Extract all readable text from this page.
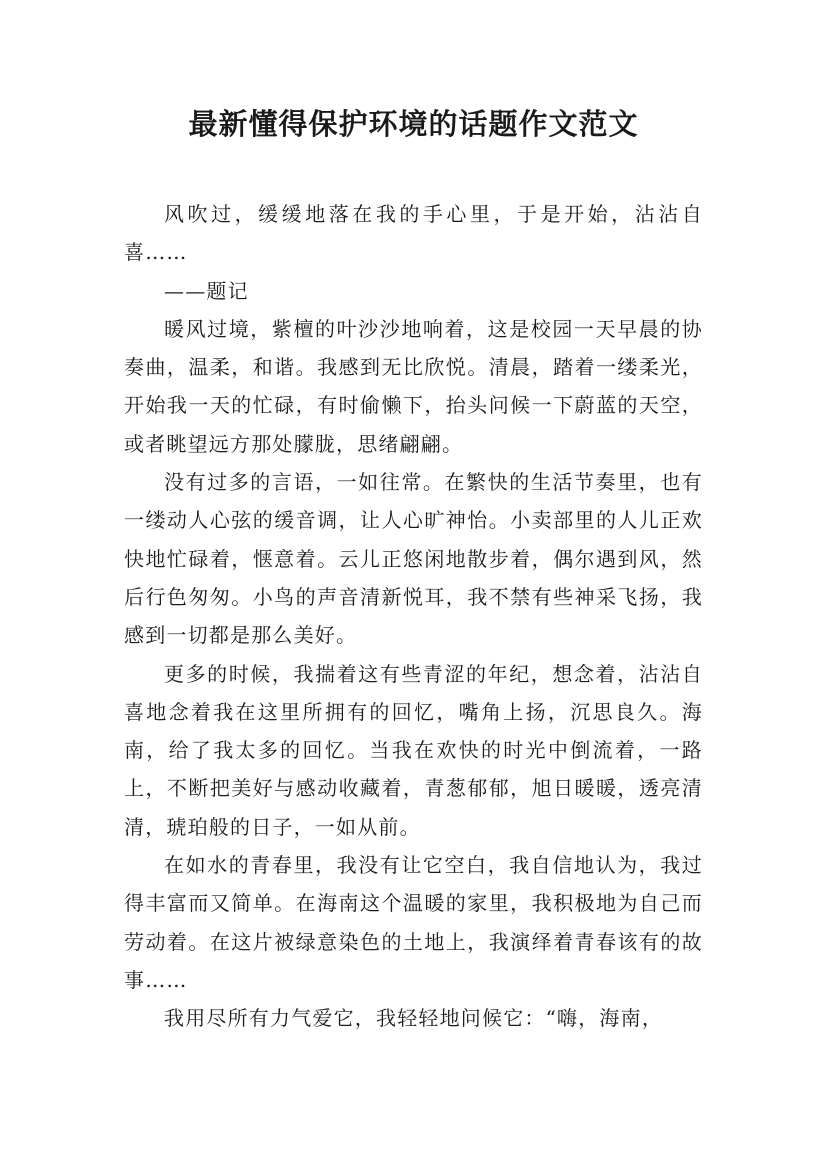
最新懂得保护环境的话题作文范文

风吹过，缓缓地落在我的手心里，于是开始，沾沾自喜……

——题记

暖风过境，紫檀的叶沙沙地响着，这是校园一天早晨的协奏曲，温柔，和谐。我感到无比欣悦。清晨，踏着一缕柔光，开始我一天的忙碌，有时偷懒下，抬头问候一下蔚蓝的天空，或者眺望远方那处朦胧，思绪翩翩。

没有过多的言语，一如往常。在繁快的生活节奏里，也有一缕动人心弦的缓音调，让人心旷神怡。小卖部里的人儿正欢快地忙碌着，惬意着。云儿正悠闲地散步着，偶尔遇到风，然后行色匆匆。小鸟的声音清新悦耳，我不禁有些神采飞扬，我感到一切都是那么美好。

更多的时候，我揣着这有些青涩的年纪，想念着，沾沾自喜地念着我在这里所拥有的回忆，嘴角上扬，沉思良久。海南，给了我太多的回忆。当我在欢快的时光中倒流着，一路上，不断把美好与感动收藏着，青葱郁郁，旭日暖暖，透亮清清，琥珀般的日子，一如从前。

在如水的青春里，我没有让它空白，我自信地认为，我过得丰富而又简单。在海南这个温暖的家里，我积极地为自己而劳动着。在这片被绿意染色的土地上，我演绎着青春该有的故事……

我用尽所有力气爱它，我轻轻地问候它：“嗨，海南，
